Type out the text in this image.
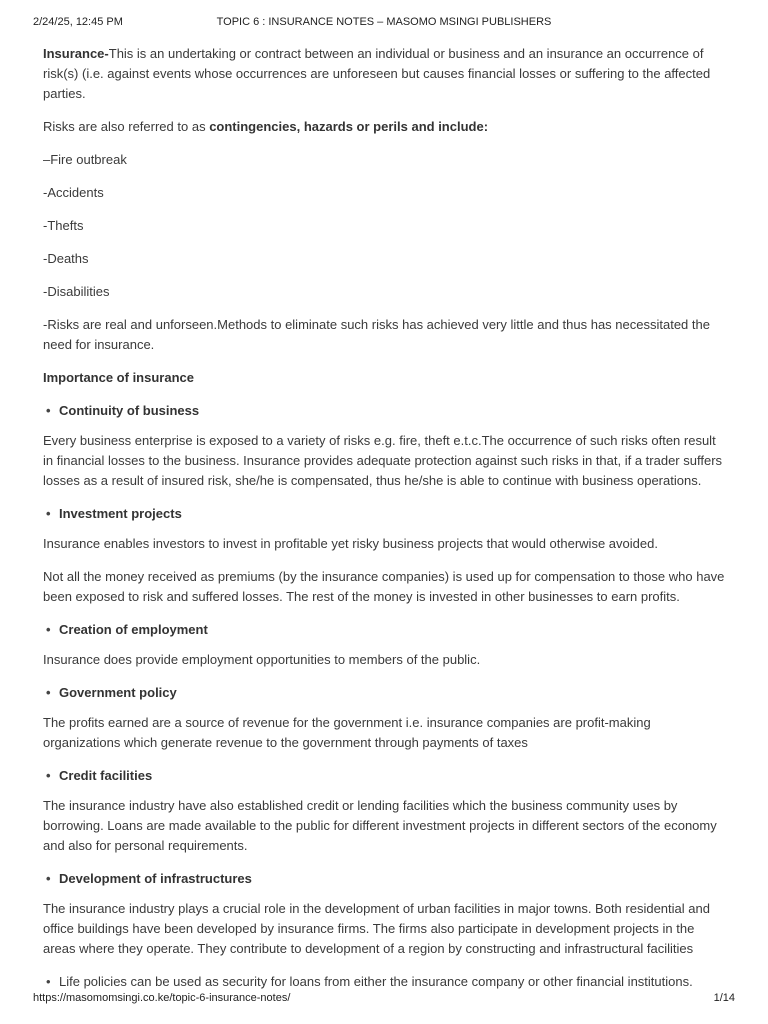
2/24/25, 12:45 PM	TOPIC 6 : INSURANCE NOTES – MASOMO MSINGI PUBLISHERS

Insurance-This is an undertaking or contract between an individual or business and an insurance an occurrence of risk(s) (i.e. against events whose occurrences are unforeseen but causes financial losses or suffering to the affected parties.

Risks are also referred to as contingencies, hazards or perils and include:

–Fire outbreak

-Accidents

-Thefts

-Deaths

-Disabilities

-Risks are real and unforseen.Methods to eliminate such risks has achieved very little and thus has necessitated the need for insurance.

Importance of insurance

• Continuity of business

Every business enterprise is exposed to a variety of risks e.g. fire, theft e.t.c.The occurrence of such risks often result in financial losses to the business. Insurance provides adequate protection against such risks in that, if a trader suffers losses as a result of insured risk, she/he is compensated, thus he/she is able to continue with business operations.

• Investment projects

Insurance enables investors to invest in profitable yet risky business projects that would otherwise avoided.

Not all the money received as premiums (by the insurance companies) is used up for compensation to those who have been exposed to risk and suffered losses. The rest of the money is invested in other businesses to earn profits.

• Creation of employment

Insurance does provide employment opportunities to members of the public.

• Government policy

The profits earned are a source of revenue for the government i.e. insurance companies are profit-making organizations which generate revenue to the government through payments of taxes

• Credit facilities

The insurance industry have also established credit or lending facilities which the business community uses by borrowing. Loans are made available to the public for different investment projects in different sectors of the economy and also for personal requirements.

• Development of infrastructures

The insurance industry plays a crucial role in the development of urban facilities in major towns. Both residential and office buildings have been developed by insurance firms. The firms also participate in development projects in the areas where they operate. They contribute to development of a region by constructing and infrastructural facilities

• Life policies can be used as security for loans from either the insurance company or other financial institutions.
https://masomomsingi.co.ke/topic-6-insurance-notes/	1/14
